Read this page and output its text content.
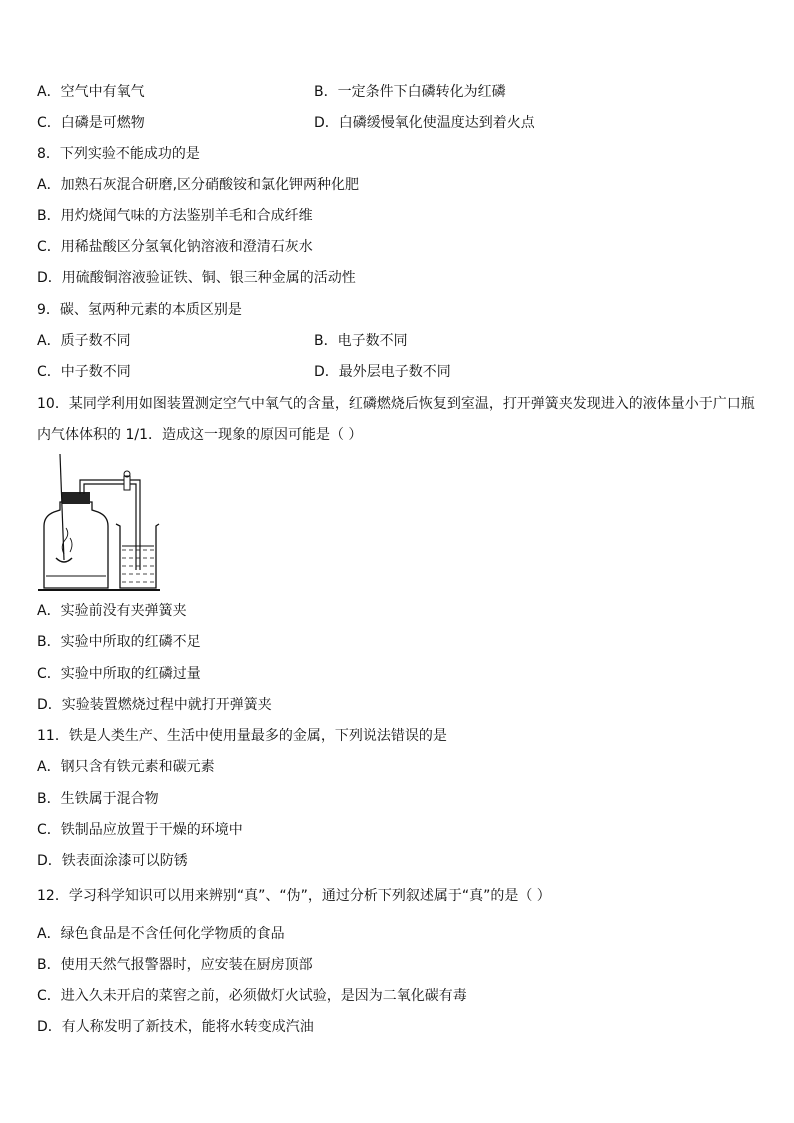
A．空气中有氧气	B．一定条件下白磷转化为红磷
C．白磷是可燃物	D．白磷缓慢氧化使温度达到着火点
8．下列实验不能成功的是
A．加熟石灰混合研磨,区分硝酸铵和氯化钾两种化肥
B．用灼烧闻气味的方法鉴别羊毛和合成纤维
C．用稀盐酸区分氢氧化钠溶液和澄清石灰水
D．用硫酸铜溶液验证铁、铜、银三种金属的活动性
9．碳、氢两种元素的本质区别是
A．质子数不同	B．电子数不同
C．中子数不同	D．最外层电子数不同
10．某同学利用如图装置测定空气中氧气的含量，红磷燃烧后恢复到室温，打开弹簧夹发现进入的液体量小于广口瓶
内气体体积的 1/1．造成这一现象的原因可能是（ ）
A．实验前没有夹弹簧夹
B．实验中所取的红磷不足
C．实验中所取的红磷过量
D．实验装置燃烧过程中就打开弹簧夹
11．铁是人类生产、生活中使用量最多的金属，下列说法错误的是
A．钢只含有铁元素和碳元素
B．生铁属于混合物
C．铁制品应放置于干燥的环境中
D．铁表面涂漆可以防锈
12．学习科学知识可以用来辨别“真”、“伪”，通过分析下列叙述属于“真”的是（ ）
A．绿色食品是不含任何化学物质的食品
B．使用天然气报警器时，应安装在厨房顶部
C．进入久未开启的菜窖之前，必须做灯火试验，是因为二氧化碳有毒
D．有人称发明了新技术，能将水转变成汽油
